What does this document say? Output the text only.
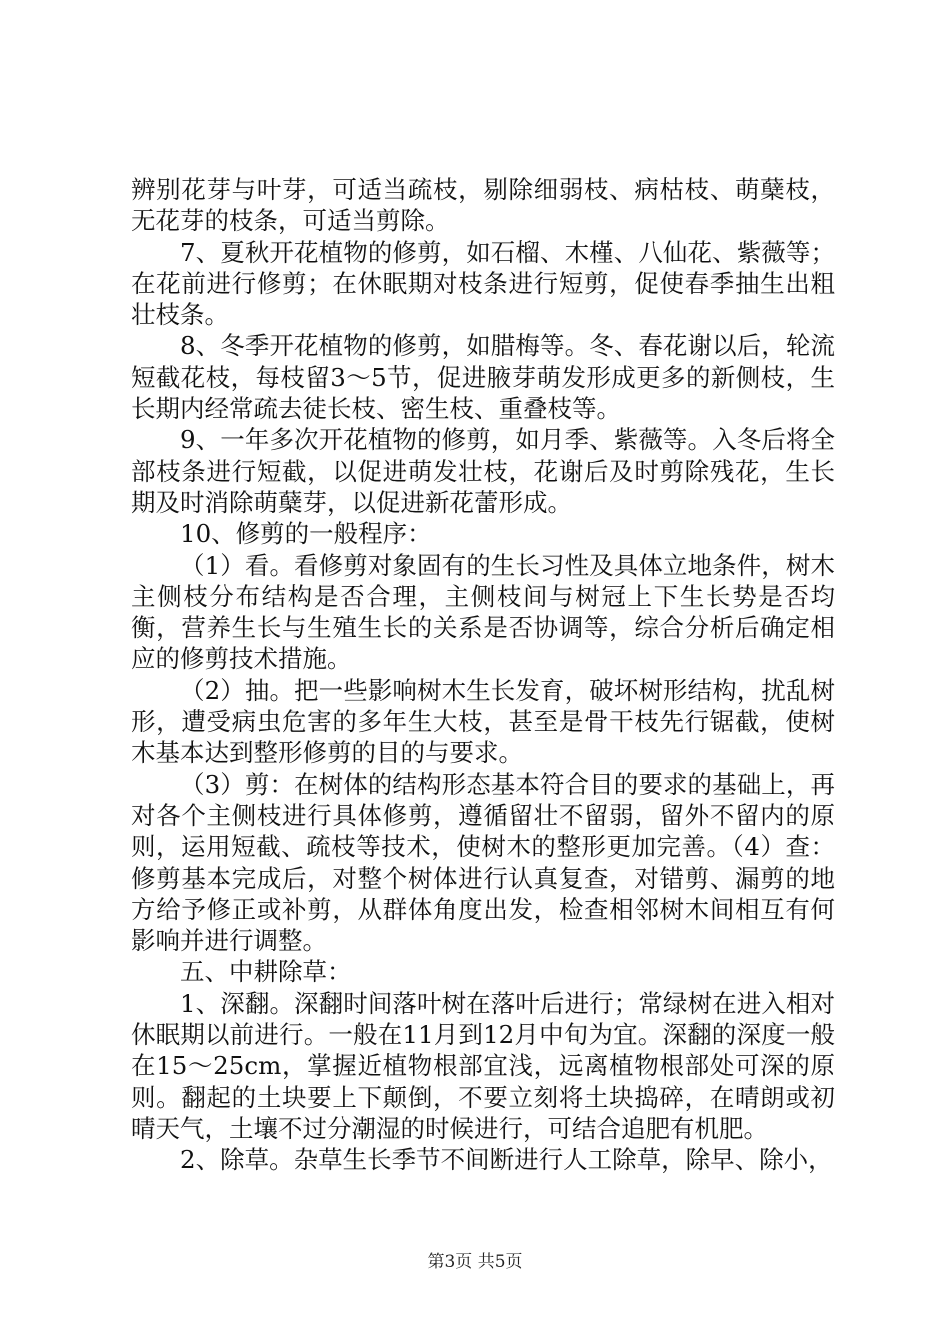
辨别花芽与叶芽，可适当疏枝，剔除细弱枝、病枯枝、萌蘖枝，无花芽的枝条，可适当剪除。

7、夏秋开花植物的修剪，如石榴、木槿、八仙花、紫薇等；在花前进行修剪；在休眠期对枝条进行短剪，促使春季抽生出粗壮枝条。

8、冬季开花植物的修剪，如腊梅等。冬、春花谢以后，轮流短截花枝，每枝留3～5节，促进腋芽萌发形成更多的新侧枝，生长期内经常疏去徒长枝、密生枝、重叠枝等。

9、一年多次开花植物的修剪，如月季、紫薇等。入冬后将全部枝条进行短截，以促进萌发壮枝，花谢后及时剪除残花，生长期及时消除萌蘖芽，以促进新花蕾形成。

10、修剪的一般程序：

（1）看。看修剪对象固有的生长习性及具体立地条件，树木主侧枝分布结构是否合理，主侧枝间与树冠上下生长势是否均衡，营养生长与生殖生长的关系是否协调等，综合分析后确定相应的修剪技术措施。

（2）抽。把一些影响树木生长发育，破坏树形结构，扰乱树形，遭受病虫危害的多年生大枝，甚至是骨干枝先行锯截，使树木基本达到整形修剪的目的与要求。

（3）剪：在树体的结构形态基本符合目的要求的基础上，再对各个主侧枝进行具体修剪，遵循留壮不留弱，留外不留内的原则，运用短截、疏枝等技术，使树木的整形更加完善。（4）查：修剪基本完成后，对整个树体进行认真复查，对错剪、漏剪的地方给予修正或补剪，从群体角度出发，检查相邻树木间相互有何影响并进行调整。

五、中耕除草：

1、深翻。深翻时间落叶树在落叶后进行；常绿树在进入相对休眠期以前进行。一般在11月到12月中旬为宜。深翻的深度一般在15～25cm，掌握近植物根部宜浅，远离植物根部处可深的原则。翻起的土块要上下颠倒，不要立刻将土块捣碎，在晴朗或初晴天气，土壤不过分潮湿的时候进行，可结合追肥有机肥。

2、除草。杂草生长季节不间断进行人工除草，除早、除小，

第3页 共5页
